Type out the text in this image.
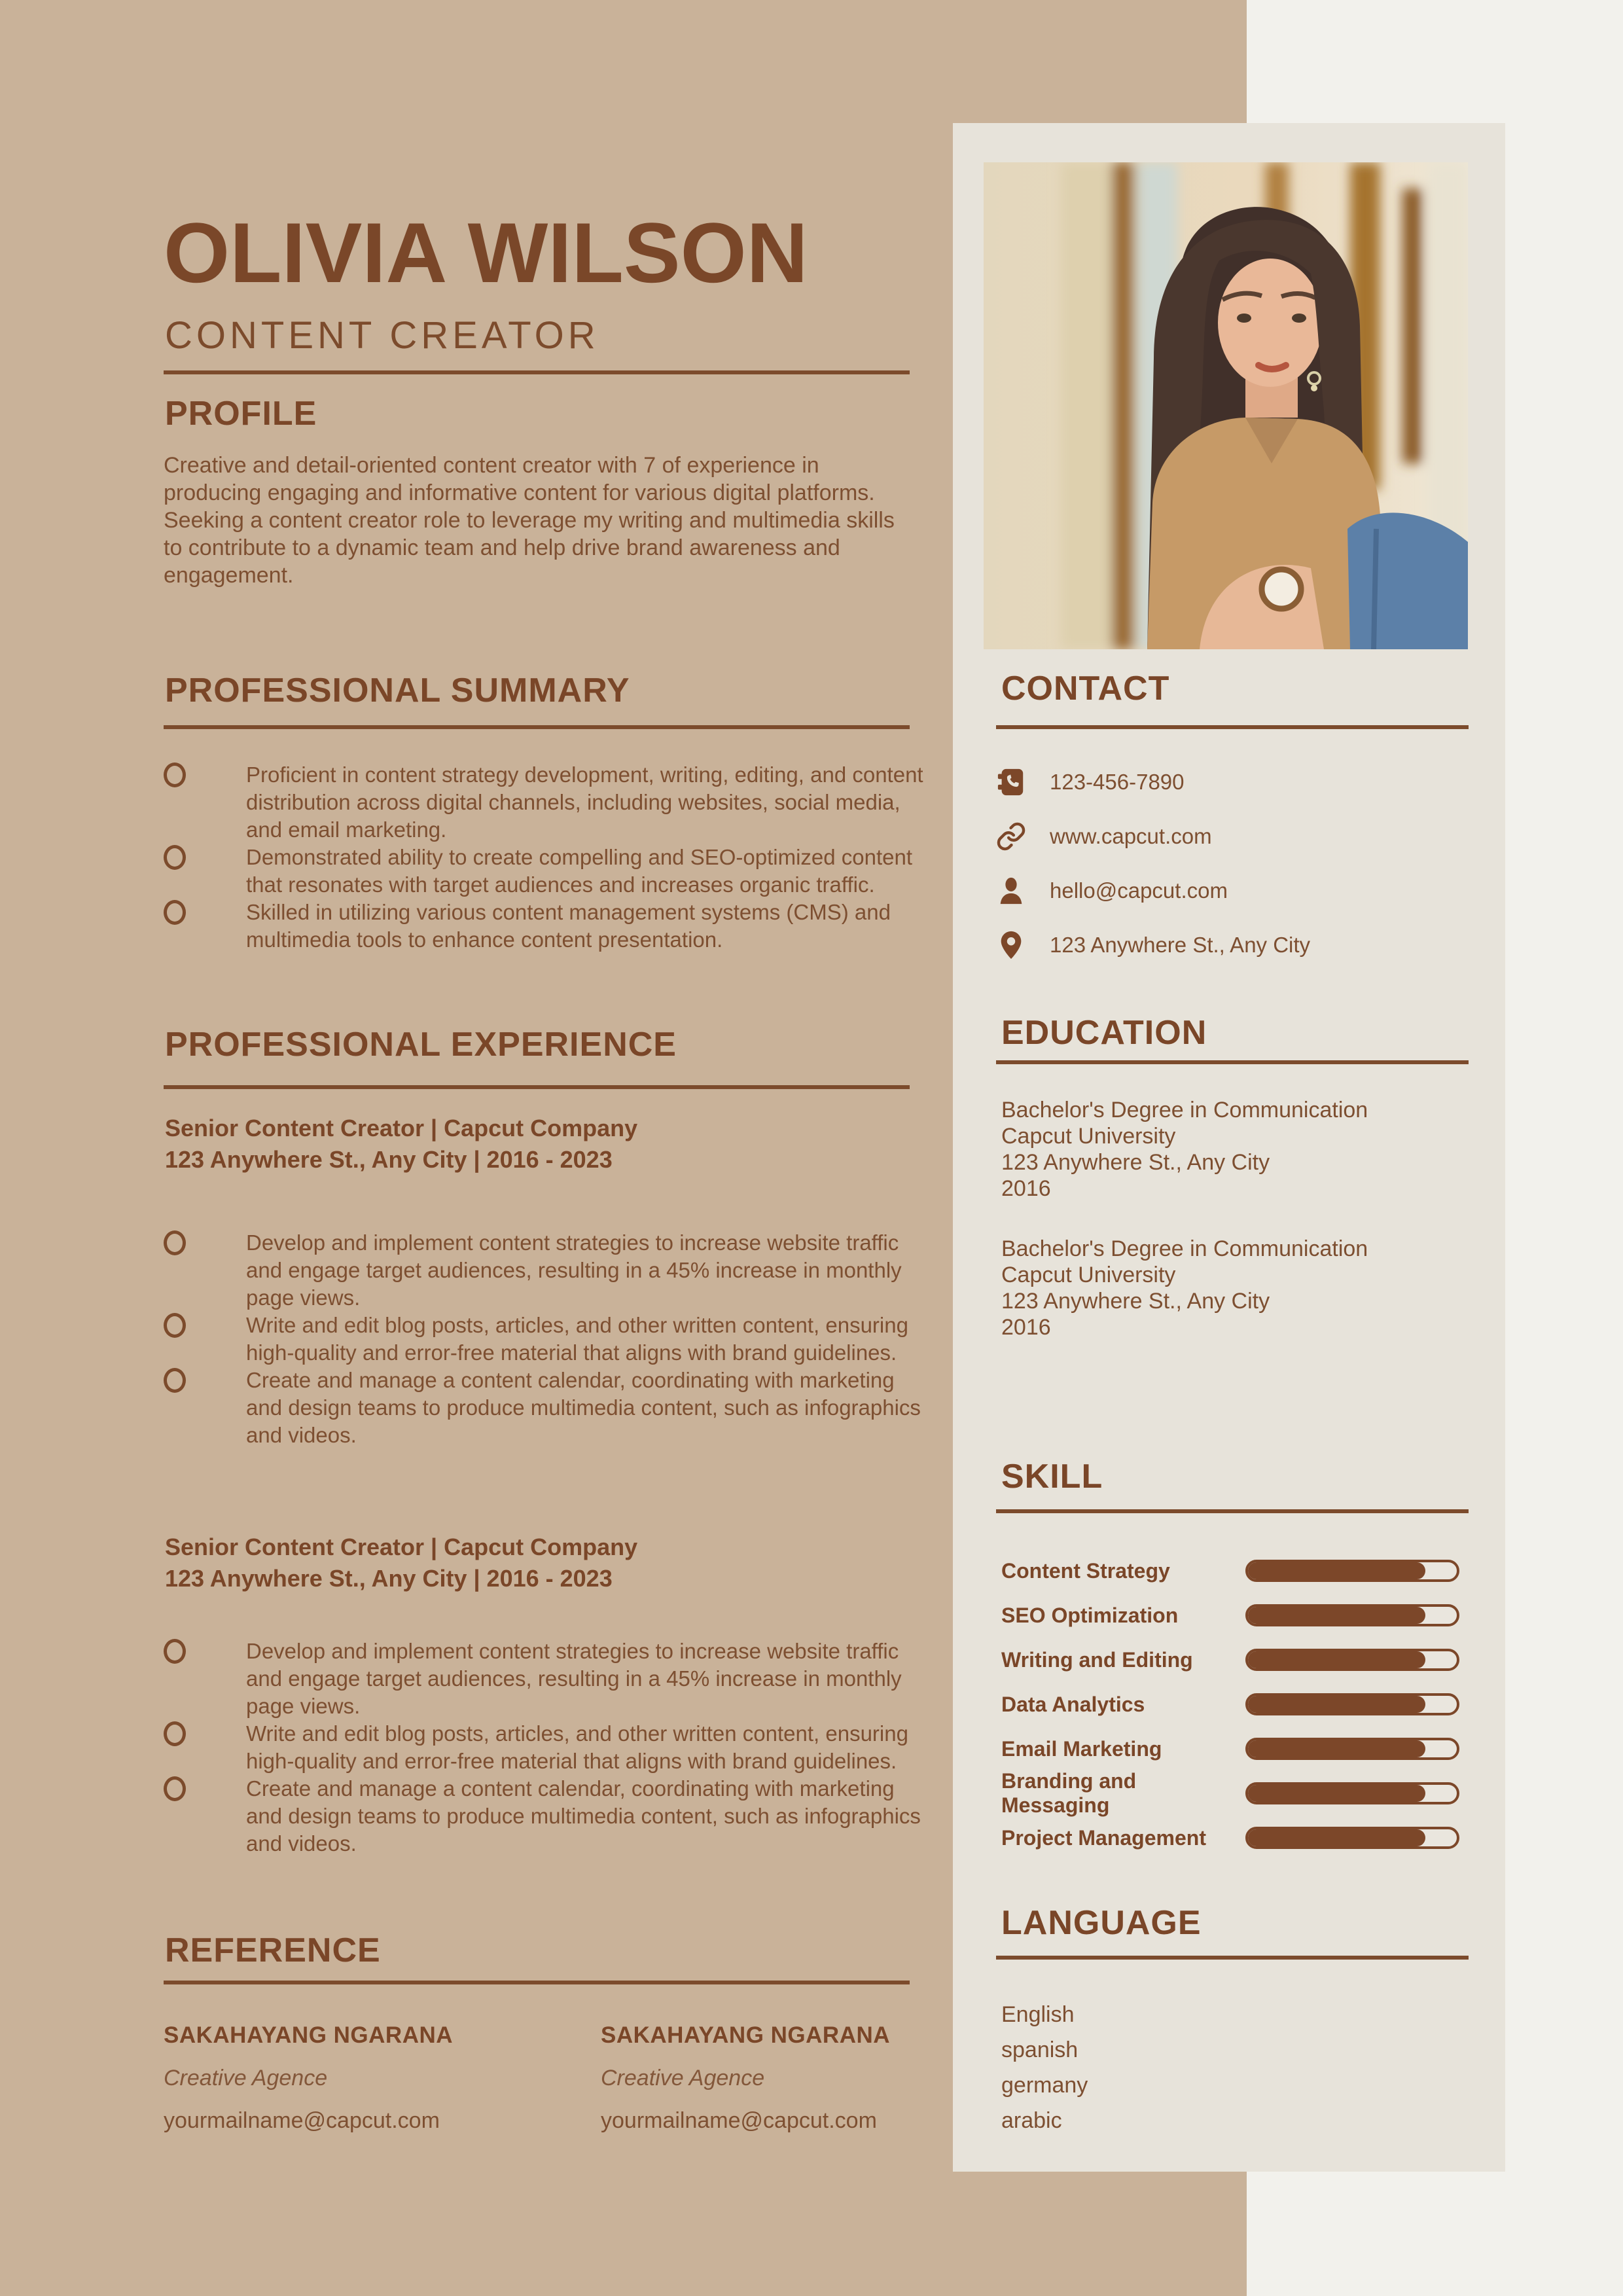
OLIVIA WILSON
CONTENT CREATOR
PROFILE
Creative and detail-oriented content creator with 7 of experience in producing engaging and informative content for various digital platforms. Seeking a content creator role to leverage my writing and multimedia skills to contribute to a dynamic team and help drive brand awareness and engagement.
PROFESSIONAL SUMMARY

Proficient in content strategy development, writing, editing, and content distribution across digital channels, including websites, social media, and email marketing.

Demonstrated ability to create compelling and SEO-optimized content that resonates with target audiences and increases organic traffic.

Skilled in utilizing various content management systems (CMS) and multimedia tools to enhance content presentation.

PROFESSIONAL EXPERIENCE
Senior Content Creator | Capcut Company
123 Anywhere St., Any City | 2016 - 2023

Develop and implement content strategies to increase website traffic and engage target audiences, resulting in a 45% increase in monthly page views.

Write and edit blog posts, articles, and other written content, ensuring high-quality and error-free material that aligns with brand guidelines.

Create and manage a content calendar, coordinating with marketing and design teams to produce multimedia content, such as infographics and videos.

Senior Content Creator | Capcut Company
123 Anywhere St., Any City | 2016 - 2023

Develop and implement content strategies to increase website traffic and engage target audiences, resulting in a 45% increase in monthly page views.

Write and edit blog posts, articles, and other written content, ensuring high-quality and error-free material that aligns with brand guidelines.

Create and manage a content calendar, coordinating with marketing and design teams to produce multimedia content, such as infographics and videos.

REFERENCE

SAKAHAYANG NGARANA

Creative Agence

yourmailname@capcut.com

SAKAHAYANG NGARANA

Creative Agence

yourmailname@capcut.com

CONTACT
123-456-7890
www.capcut.com
hello@capcut.com
123 Anywhere St., Any City
EDUCATION

Bachelor's Degree in Communication

Capcut University

123 Anywhere St., Any City

2016

Bachelor's Degree in Communication

Capcut University

123 Anywhere St., Any City

2016

SKILL
Content Strategy
SEO Optimization
Writing and Editing
Data Analytics
Email Marketing
Branding and Messaging
Project Management
LANGUAGE

English

spanish

germany

arabic
